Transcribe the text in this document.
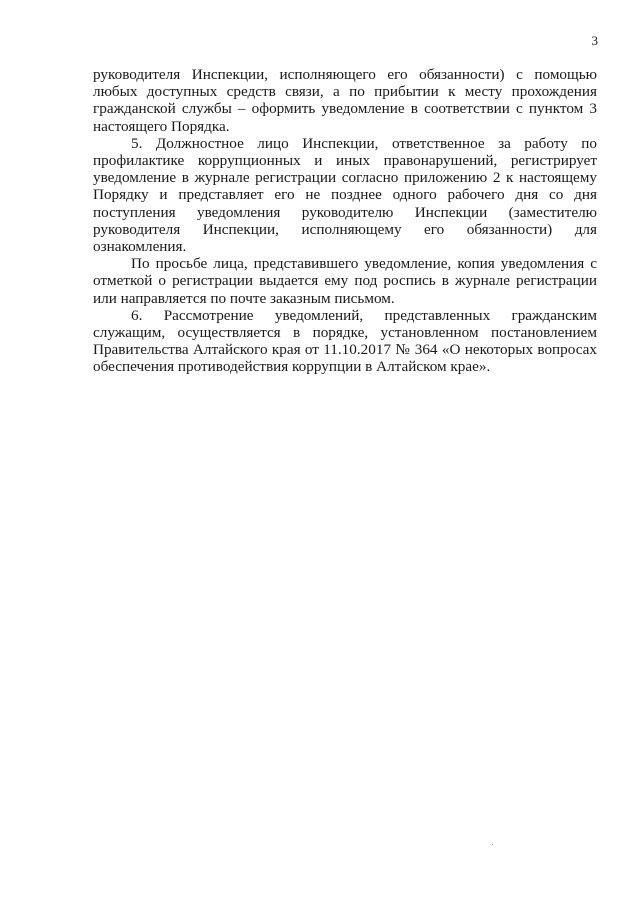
3

руководителя Инспекции, исполняющего его обязанности) с помощью любых доступных средств связи, а по прибытии к месту прохождения гражданской службы – оформить уведомление в соответствии с пунктом 3 настоящего Порядка.

5. Должностное лицо Инспекции, ответственное за работу по профилактике коррупционных и иных правонарушений, регистрирует уведомление в журнале регистрации согласно приложению 2 к настоящему Порядку и представляет его не позднее одного рабочего дня со дня поступления уведомления руководителю Инспекции (заместителю руководителя Инспекции, исполняющему его обязанности) для ознакомления.

По просьбе лица, представившего уведомление, копия уведомления с отметкой о регистрации выдается ему под роспись в журнале регистрации или направляется по почте заказным письмом.

6. Рассмотрение уведомлений, представленных гражданским служащим, осуществляется в порядке, установленном постановлением Правительства Алтайского края от 11.10.2017 № 364 «О некоторых вопросах обеспечения противодействия коррупции в Алтайском крае».
